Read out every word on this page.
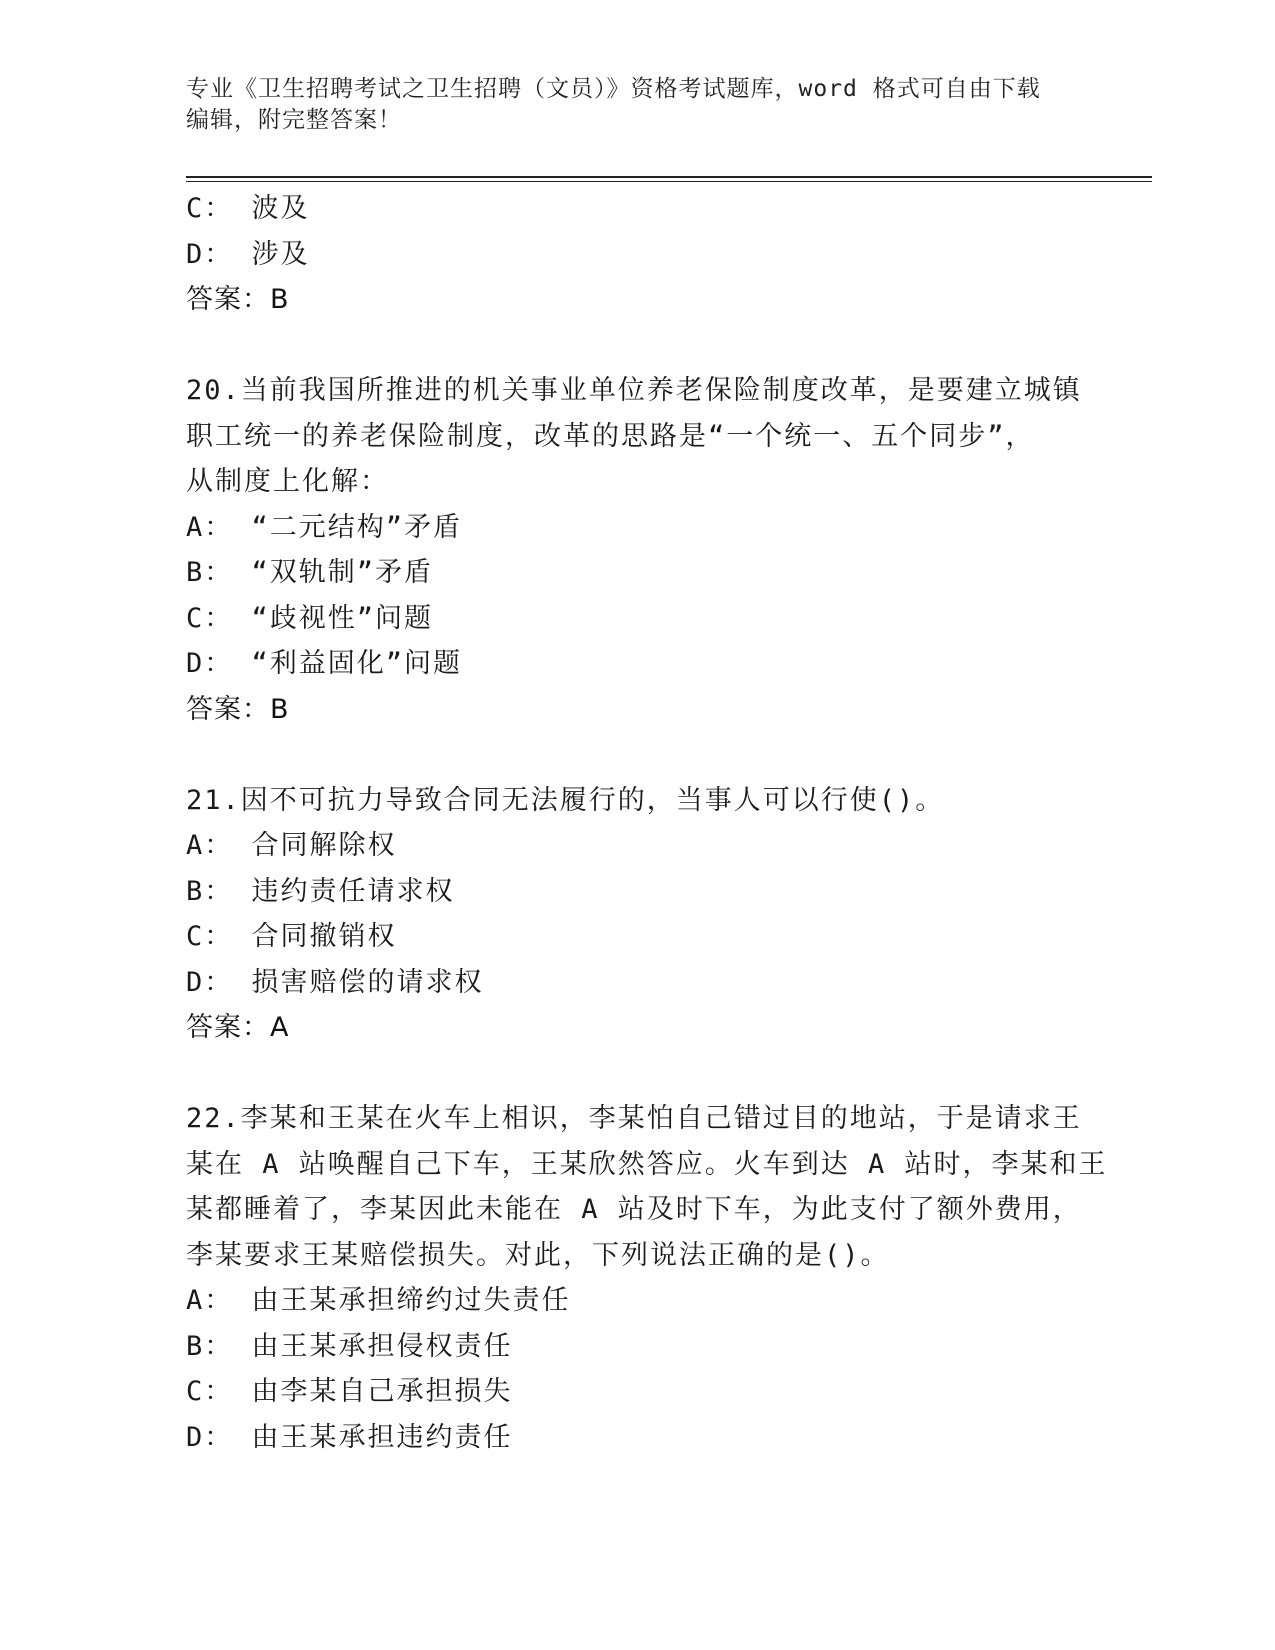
专业《卫生招聘考试之卫生招聘（文员）》资格考试题库，word 格式可自由下载
编辑，附完整答案！
C： 波及
D： 涉及
答案：B
20.当前我国所推进的机关事业单位养老保险制度改革，是要建立城镇
职工统一的养老保险制度，改革的思路是“一个统一、五个同步”，
从制度上化解：
A： “二元结构”矛盾
B： “双轨制”矛盾
C： “歧视性”问题
D： “利益固化”问题
答案：B
21.因不可抗力导致合同无法履行的，当事人可以行使()。
A： 合同解除权
B： 违约责任请求权
C： 合同撤销权
D： 损害赔偿的请求权
答案：A
22.李某和王某在火车上相识，李某怕自己错过目的地站，于是请求王
某在 A 站唤醒自己下车，王某欣然答应。火车到达 A 站时，李某和王
某都睡着了，李某因此未能在 A 站及时下车，为此支付了额外费用，
李某要求王某赔偿损失。对此，下列说法正确的是()。
A： 由王某承担缔约过失责任
B： 由王某承担侵权责任
C： 由李某自己承担损失
D： 由王某承担违约责任
